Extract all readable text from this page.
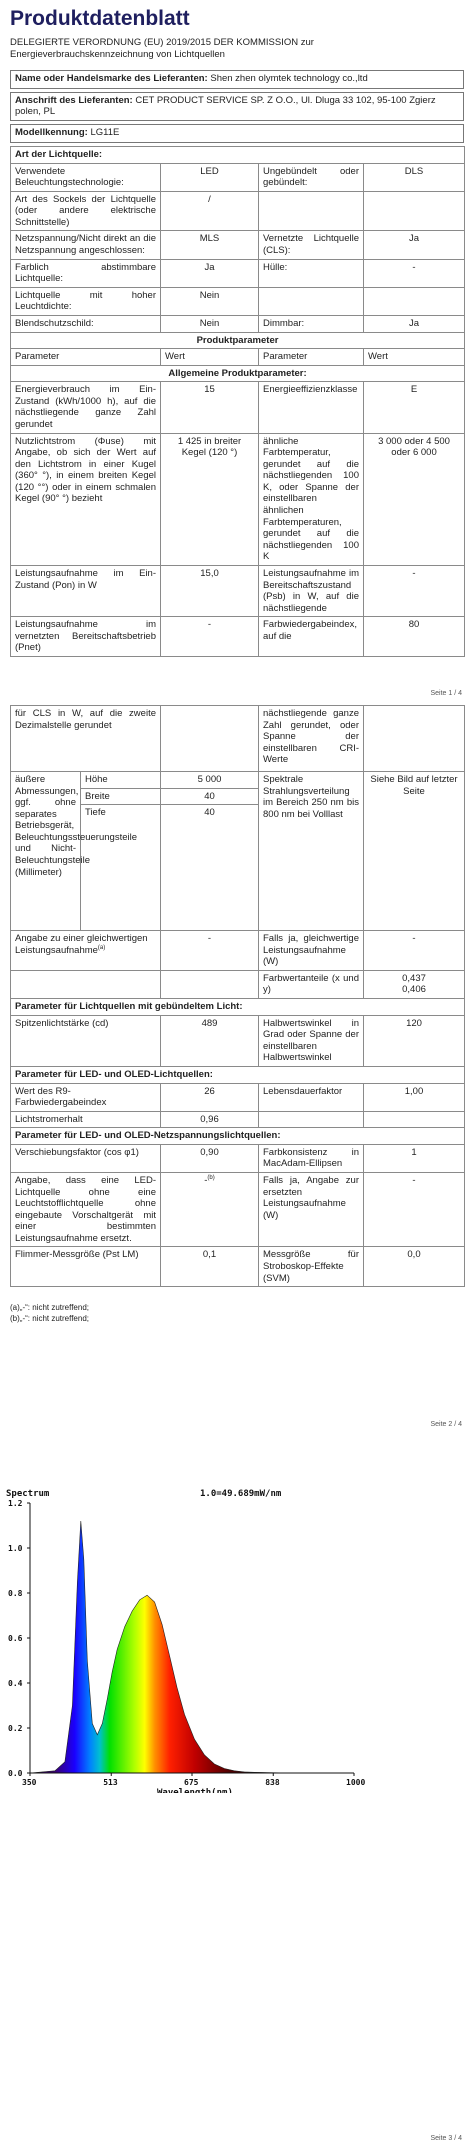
Produktdatenblatt
DELEGIERTE VERORDNUNG (EU) 2019/2015 DER KOMMISSION zur Energieverbrauchskennzeichnung von Lichtquellen
Name oder Handelsmarke des Lieferanten: Shen zhen olymtek technology co.,ltd
Anschrift des Lieferanten: CET PRODUCT SERVICE SP. Z O.O., Ul. Dluga 33 102, 95-100 Zgierz polen, PL
Modellkennung: LG11E
Art der Lichtquelle:			
Verwendete Beleuchtungstechnologie:	LED	Ungebündelt oder gebündelt:	DLS
Art des Sockels der Lichtquelle (oder andere elektrische Schnittstelle)	/		
Netzspannung/Nicht direkt an die Netzspannung angeschlossen:	MLS	Vernetzte Lichtquelle (CLS):	Ja
Farblich abstimmbare Lichtquelle:	Ja	Hülle:	-
Lichtquelle mit hoher Leuchtdichte:	Nein		
Blendschutzschild:	Nein	Dimmbar:	Ja
Produktparameter			
Parameter	Wert	Parameter	Wert
Allgemeine Produktparameter:			
Energieverbrauch im Ein-Zustand (kWh/1000 h), auf die nächstliegende ganze Zahl gerundet	15	Energieeffizienzklasse	E
Nutzlichtstrom (Φuse) mit Angabe, ob sich der Wert auf den Lichtstrom in einer Kugel (360° °), in einem breiten Kegel (120 °°) oder in einem schmalen Kegel (90° °) bezieht	1 425 in breiter Kegel (120 °)	ähnliche Farbtemperatur, gerundet auf die nächstliegenden 100 K, oder Spanne der einstellbaren ähnlichen Farbtemperaturen, gerundet auf die nächstliegenden 100 K	3 000 oder 4 500 oder 6 000
Leistungsaufnahme im Ein-Zustand (Pon) in W	15,0	Leistungsaufnahme im Bereitschaftszustand (Psb) in W, auf die nächstliegende	-
Leistungsaufnahme im vernetzten Bereitschaftsbetrieb (Pnet)	-	Farbwiedergabeindex, auf die	80
Seite 1 / 4
für CLS in W, auf die zweite Dezimalstelle gerundet			nächstliegende ganze Zahl gerundet, oder Spanne der einstellbaren CRI-Werte	
äußere Abmessungen, ggf. ohne separates Betriebsgerät, Beleuchtungssteuerungsteile und Nicht-Beleuchtungsteile (Millimeter)	Höhe	5 000	Spektrale Strahlungsverteilung im Bereich 250 nm bis 800 nm bei Volllast	Siehe Bild auf letzter Seite
	Breite	40		
	Tiefe	40		
Angabe zu einer gleichwertigen Leistungsaufnahme$^{(a)}$		-	Falls ja, gleichwertige Leistungsaufnahme (W)	-
			Farbwertanteile (x und y)	0,437
0,406

Parameter für Lichtquellen mit gebündeltem Licht:				
Spitzenlichtstärke (cd)		489	Halbwertswinkel in Grad oder Spanne der einstellbaren Halbwertswinkel	120
Parameter für LED- und OLED-Lichtquellen:				
Wert des R9-Farbwiedergabeindex		26	Lebensdauerfaktor	1,00
Lichtstromerhalt		0,96		
Parameter für LED- und OLED-Netzspannungslichtquellen:				
Verschiebungsfaktor (cos φ1)		0,90	Farbkonsistenz in MacAdam-Ellipsen	1
Angabe, dass eine LED-Lichtquelle ohne eine Leuchtstofflichtquelle ohne eingebaute Vorschaltgerät mit einer bestimmten Leistungsaufnahme ersetzt.		-$^{(b)}$	Falls ja, Angabe zur ersetzten Leistungsaufnahme (W)	-
Flimmer-Messgröße (Pst LM)		0,1	Messgröße für Stroboskop-Effekte (SVM)	0,0
(a)„-“: nicht zutreffend;
(b)„-“: nicht zutreffend;
Seite 2 / 4
Spectrum	1.0=49.689mW/nm
0.0
0.2
0.4
0.6
0.8
1.0
1.2
350	513	675	838	1000
Wavelength(nm)
Seite 3 / 4
